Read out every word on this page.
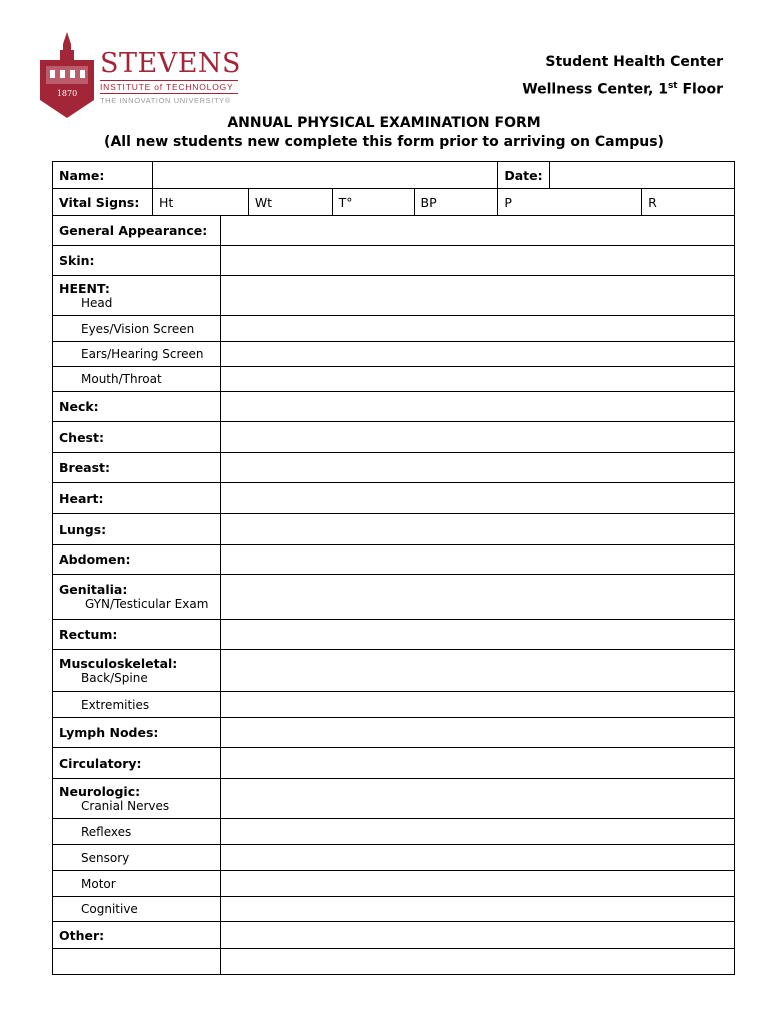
1870
STEVENS
INSTITUTE of TECHNOLOGY
THE INNOVATION UNIVERSITY®
Student Health Center
Wellness Center, 1st Floor
ANNUAL PHYSICAL EXAMINATION FORM
(All new students new complete this form prior to arriving on Campus)
Name:						Date:		
Vital Signs:	Ht		Wt	T°	BP	P		R
General Appearance:								
Skin:								

HEENT:
Head								

Eyes/Vision Screen								
Ears/Hearing Screen								
Mouth/Throat								
Neck:								
Chest:								
Breast:								
Heart:								
Lungs:								
Abdomen:								

Genitalia:
GYN/Testicular Exam								

Rectum:								

Musculoskeletal:
Back/Spine								

Extremities								
Lymph Nodes:								
Circulatory:								

Neurologic:
Cranial Nerves								

Reflexes								
Sensory								
Motor								
Cognitive								
Other:								
